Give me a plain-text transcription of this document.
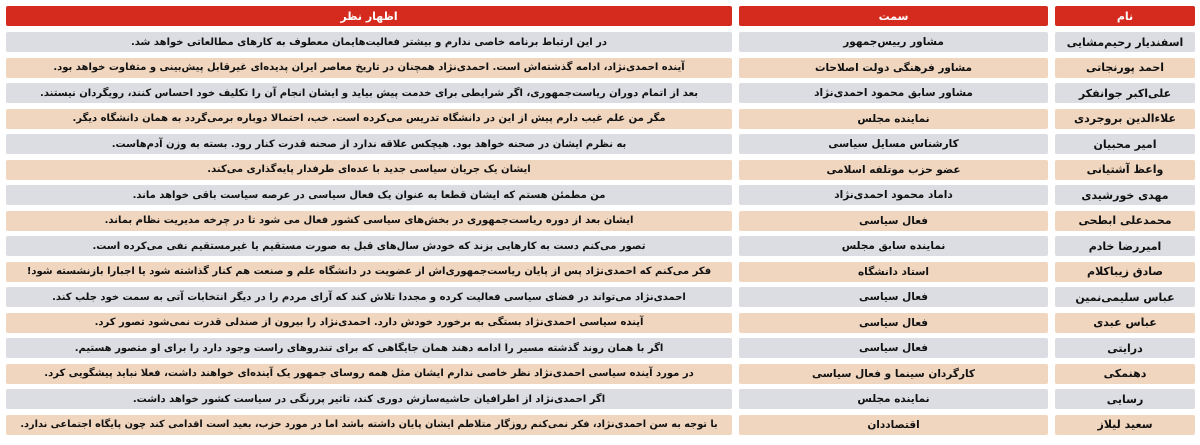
اظهار نظر	سمت	نام
در این ارتباط برنامه خاصی ندارم و بیشتر فعالیت‌هایمان معطوف به کارهای مطالعاتی خواهد شد.	مشاور رییس‌جمهور	اسفندیار رحیم‌مشایی
آینده احمدی‌نژاد، ادامه گذشته‌اش است. احمدی‌نژاد همچنان در تاریخ معاصر ایران پدیده‌ای غیرقابل پیش‌بینی و متفاوت خواهد بود.	مشاور فرهنگی دولت اصلاحات	احمد پورنجاتی
بعد از اتمام دوران ریاست‌جمهوری، اگر شرایطی برای خدمت پیش بیاید و ایشان انجام آن را تکلیف خود احساس کنند، رویگردان نیستند.	مشاور سابق محمود احمدی‌نژاد	علی‌اکبر جوانفکر
مگر من علم غیب دارم پیش از این در دانشگاه تدریس می‌کرده است. خب، احتمالا دوباره برمی‌گردد به همان دانشگاه دیگر.	نماینده مجلس	علاءالدین بروجردی
به نظرم ایشان در صحنه خواهد بود. هیچکس علاقه ندارد از صحنه قدرت کنار رود. بسته به وزن آدم‌هاست.	کارشناس مسایل سیاسی	امیر محبیان
ایشان یک جریان سیاسی جدید با عده‌ای طرفدار پایه‌گذاری می‌کند.	عضو حزب موتلفه اسلامی	واعظ آشتیانی
من مطمئن هستم که ایشان قطعا به عنوان یک فعال سیاسی در عرصه سیاست باقی خواهد ماند.	داماد محمود احمدی‌نژاد	مهدی خورشیدی
ایشان بعد از دوره ریاست‌جمهوری در بخش‌های سیاسی کشور فعال می شود تا در چرخه مدیریت نظام بماند.	فعال سیاسی	محمدعلی ابطحی
تصور می‌کنم دست به کارهایی بزند که خودش سال‌های قبل به صورت مستقیم یا غیرمستقیم نفی می‌کرده است.	نماینده سابق مجلس	امیررضا خادم
فکر می‌کنم که احمدی‌نژاد پس از پایان ریاست‌جمهوری‌اش از عضویت در دانشگاه علم و صنعت هم کنار گذاشته شود یا اجبارا بازنشسته شود!	استاد دانشگاه	صادق زیباکلام
احمدی‌نژاد می‌تواند در فضای سیاسی فعالیت کرده و مجددا تلاش کند که آرای مردم را در دیگر انتخابات آتی به سمت خود جلب کند.	فعال سیاسی	عباس سلیمی‌نمین
آینده سیاسی احمدی‌نژاد بستگی به برخورد خودش دارد. احمدی‌نژاد را بیرون از صندلی قدرت نمی‌شود تصور کرد.	فعال سیاسی	عباس عبدی
اگر با همان روند گذشته مسیر را ادامه دهند همان جایگاهی که برای تندروهای راست وجود دارد را برای او متصور هستیم.	فعال سیاسی	درایتی
در مورد آینده سیاسی احمدی‌نژاد نظر خاصی ندارم ایشان مثل همه روسای جمهور یک آینده‌ای خواهند داشت، فعلا نباید پیشگویی کرد.	کارگردان سینما و فعال سیاسی	دهنمکی
اگر احمدی‌نژاد از اطرافیان حاشیه‌سازش دوری کند، تاثیر پررنگی در سیاست کشور خواهد داشت.	نماینده مجلس	رسایی
با توجه به سن احمدی‌نژاد، فکر نمی‌کنم روزگار متلاطم ایشان پایان داشته باشد اما در مورد حزب، بعید است اقدامی کند چون پایگاه اجتماعی ندارد.	اقتصاددان	سعید لیلاز
